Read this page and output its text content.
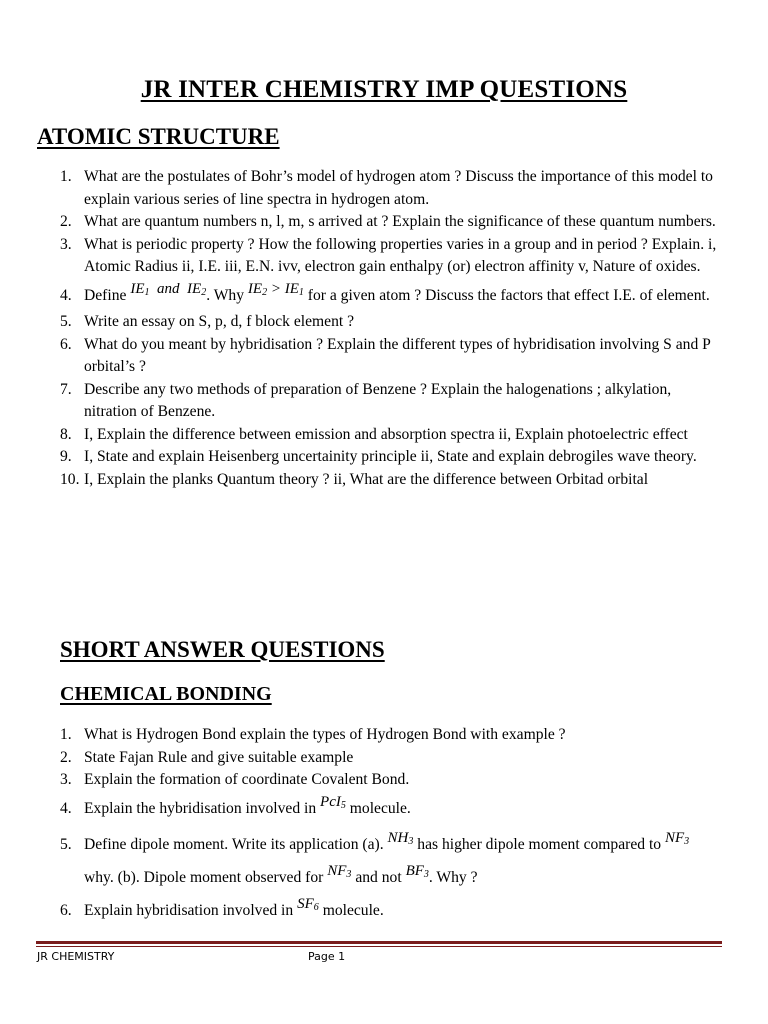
JR INTER CHEMISTRY IMP QUESTIONS
ATOMIC STRUCTURE
1. What are the postulates of Bohr’s model of hydrogen atom ? Discuss the importance of this model to explain various series of line spectra in hydrogen atom.
2. What are quantum numbers n, l, m, s arrived at ? Explain the significance of these quantum numbers.
3. What is periodic property ? How the following properties varies in a group and in period ? Explain. i, Atomic Radius ii, I.E. iii, E.N. ivv, electron gain enthalpy (or) electron affinity v, Nature of oxides.
4. Define IE1  and  IE2. Why IE2 > IE1 for a given atom ? Discuss the factors that effect I.E. of element.
5. Write an essay on S, p, d, f block element ?
6. What do you meant by hybridisation ? Explain the different types of hybridisation involving S and P orbital’s ?
7. Describe any two methods of preparation of Benzene ? Explain the halogenations ; alkylation, nitration of Benzene.
8. I, Explain the difference between emission and absorption spectra ii, Explain photoelectric effect
9. I, State and explain Heisenberg uncertainity principle ii, State and explain debrogiles wave theory.
10. I, Explain the planks Quantum theory ? ii, What are the difference between Orbitad orbital
SHORT ANSWER QUESTIONS
CHEMICAL BONDING
1. What is Hydrogen Bond explain the types of Hydrogen Bond with example ?
2. State Fajan Rule and give suitable example
3. Explain the formation of coordinate Covalent Bond.
4. Explain the hybridisation involved in PcI5 molecule.
5. Define dipole moment. Write its application (a). NH3 has higher dipole moment compared to NF3 why. (b). Dipole moment observed for NF3 and not BF3. Why ?
6. Explain hybridisation involved in SF6 molecule.
JR CHEMISTRY	Page 1
